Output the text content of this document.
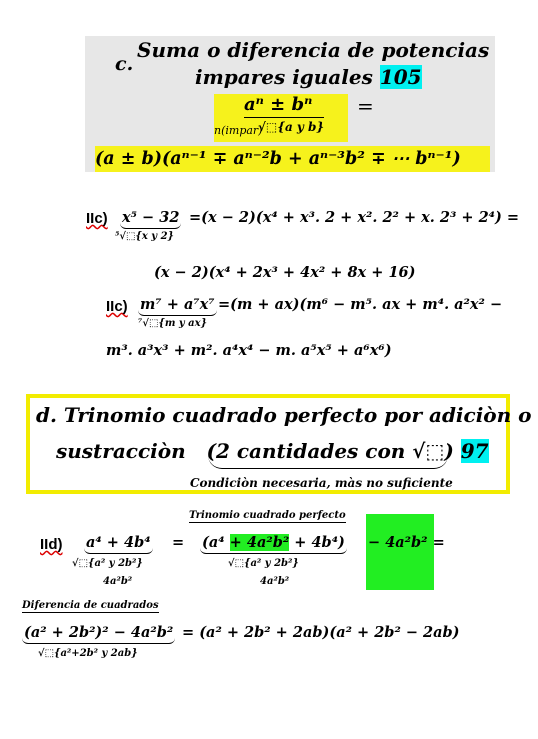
c.
Suma o diferencia de potencias
impares iguales 105
aⁿ ± bⁿ
n(impar)
√⬚{a y b}
=
(a ± b)(aⁿ⁻¹ ∓ aⁿ⁻²b + aⁿ⁻³b² ∓ ⋯ bⁿ⁻¹)
IIc) x⁵ − 32
⁵√⬚{x y 2}
=(x − 2)(x⁴ + x³. 2 + x². 2² + x. 2³ + 2⁴) =
(x − 2)(x⁴ + 2x³ + 4x² + 8x + 16)
IIc) m⁷ + a⁷x⁷
⁷√⬚{m y ax}
=(m + ax)(m⁶ − m⁵. ax + m⁴. a²x² −
m³. a³x³ + m². a⁴x⁴ − m. a⁵x⁵ + a⁶x⁶)
d. Trinomio cuadrado perfecto por adiciòn o
sustracciòn (2 cantidades con √⬚) 97
Condiciòn necesaria, màs no suficiente
IId) a⁴ + 4b⁴
√⬚{a² y 2b²}
4a²b²
=
Trinomio cuadrado perfecto
(a⁴ + 4a²b² + 4b⁴)
√⬚{a² y 2b²}
4a²b²
− 4a²b² =
Diferencia de cuadrados
(a² + 2b²)² − 4a²b²
√⬚{a²+2b² y 2ab}
= (a² + 2b² + 2ab)(a² + 2b² − 2ab)
